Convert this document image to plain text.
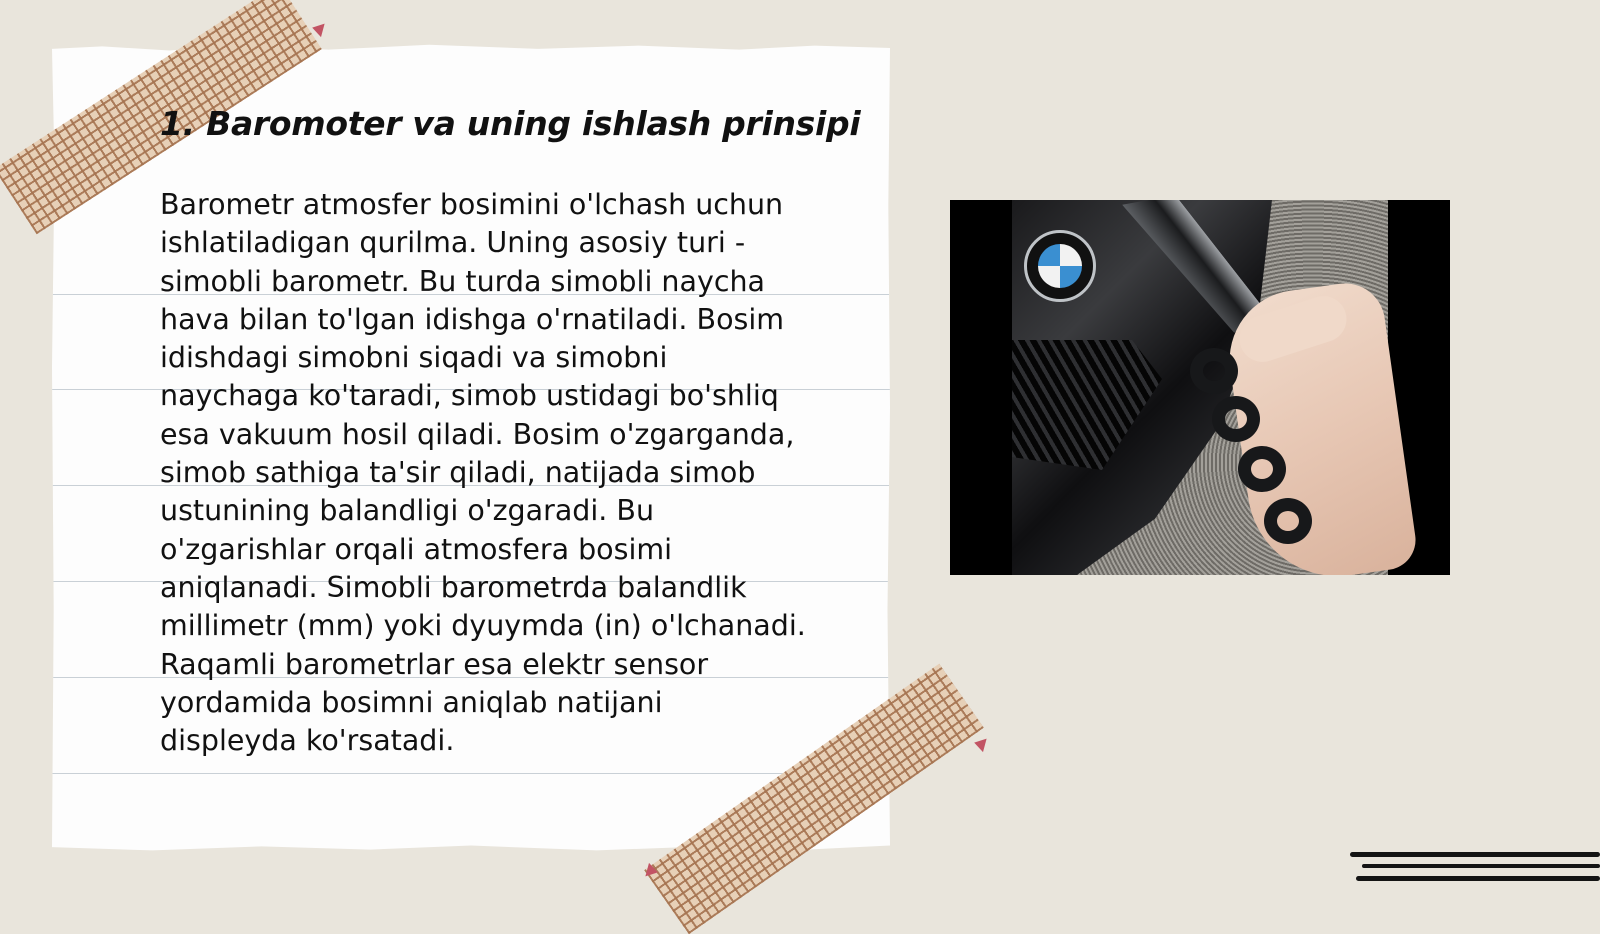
1. Baromoter va uning ishlash prinsipi

Barometr atmosfer bosimini o'lchash uchun
ishlatiladigan qurilma. Uning asosiy turi -
simobli barometr. Bu turda simobli naycha
hava bilan to'lgan idishga o'rnatiladi. Bosim
idishdagi simobni siqadi va simobni
naychaga ko'taradi, simob ustidagi bo'shliq
esa vakuum hosil qiladi. Bosim o'zgarganda,
simob sathiga ta'sir qiladi, natijada simob
ustunining balandligi o'zgaradi. Bu
o'zgarishlar orqali atmosfera bosimi
aniqlanadi. Simobli barometrda balandlik
millimetr (mm) yoki dyuymda (in) o'lchanadi.
Raqamli barometrlar esa elektr sensor
yordamida bosimni aniqlab natijani
displeyda ko'rsatadi.
